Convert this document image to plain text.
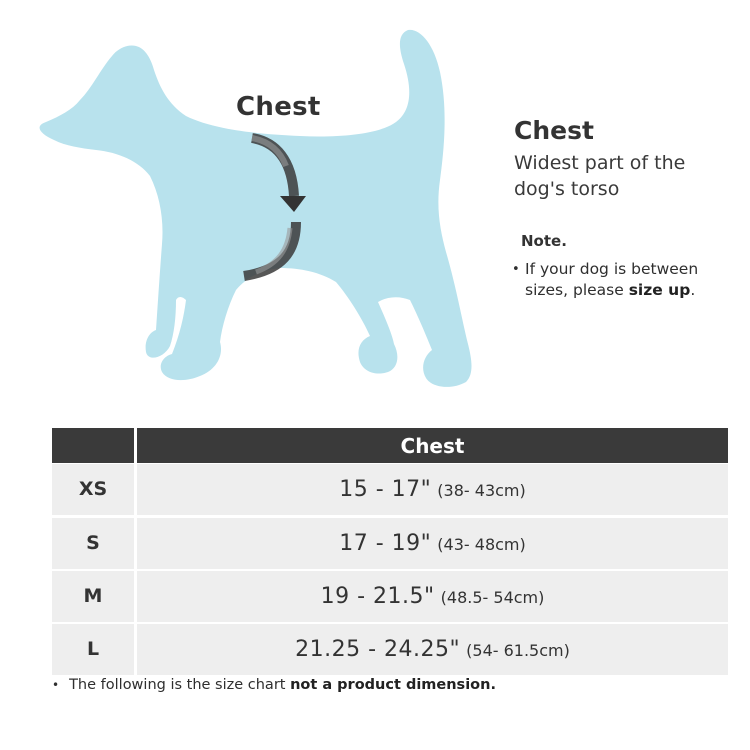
Chest
Chest
Widest part of the dog's torso
Note.
• If your dog is between sizes, please size up.
Chest
XS	15 - 17" (38- 43cm)
S	17 - 19" (43- 48cm)
M	19 - 21.5" (48.5- 54cm)
L	21.25 - 24.25" (54- 61.5cm)
• The following is the size chart not a product dimension.
